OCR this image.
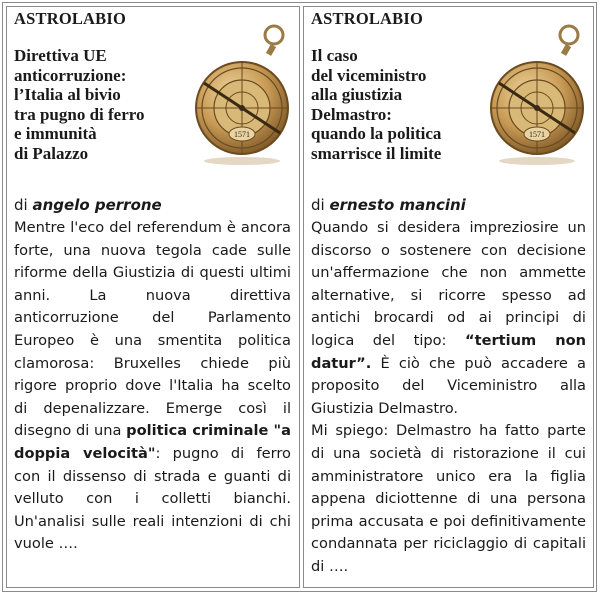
ASTROLABIO
Direttiva UE
anticorruzione:
l’Italia al bivio
tra pugno di ferro
e immunità
di Palazzo
1571
di angelo perrone
Mentre l'eco del referendum è ancora forte, una nuova tegola cade sulle riforme della Giustizia di questi ultimi anni. La nuova direttiva anticorruzione del Parlamento Europeo è una smentita politica clamorosa: Bruxelles chiede più rigore proprio dove l'Italia ha scelto di depenalizzare. Emerge così il disegno di una politica criminale "a doppia velocità": pugno di ferro con il dissenso di strada e guanti di velluto con i colletti bianchi. Un'analisi sulle reali intenzioni di chi vuole ….
ASTROLABIO
Il caso
del viceministro
alla giustizia
Delmastro:
quando la politica
smarrisce il limite
1571
di ernesto mancini
Quando si desidera impreziosire un discorso o sostenere con decisione un'affermazione che non ammette alternative, si ricorre spesso ad antichi brocardi od ai principi di logica del tipo: “tertium non datur”. È ciò che può accadere a proposito del Viceministro alla Giustizia Delmastro.
Mi spiego: Delmastro ha fatto parte di una società di ristorazione il cui amministratore unico era la figlia appena diciottenne di una persona prima accusata e poi definitivamente condannata per riciclaggio di capitali di ….
